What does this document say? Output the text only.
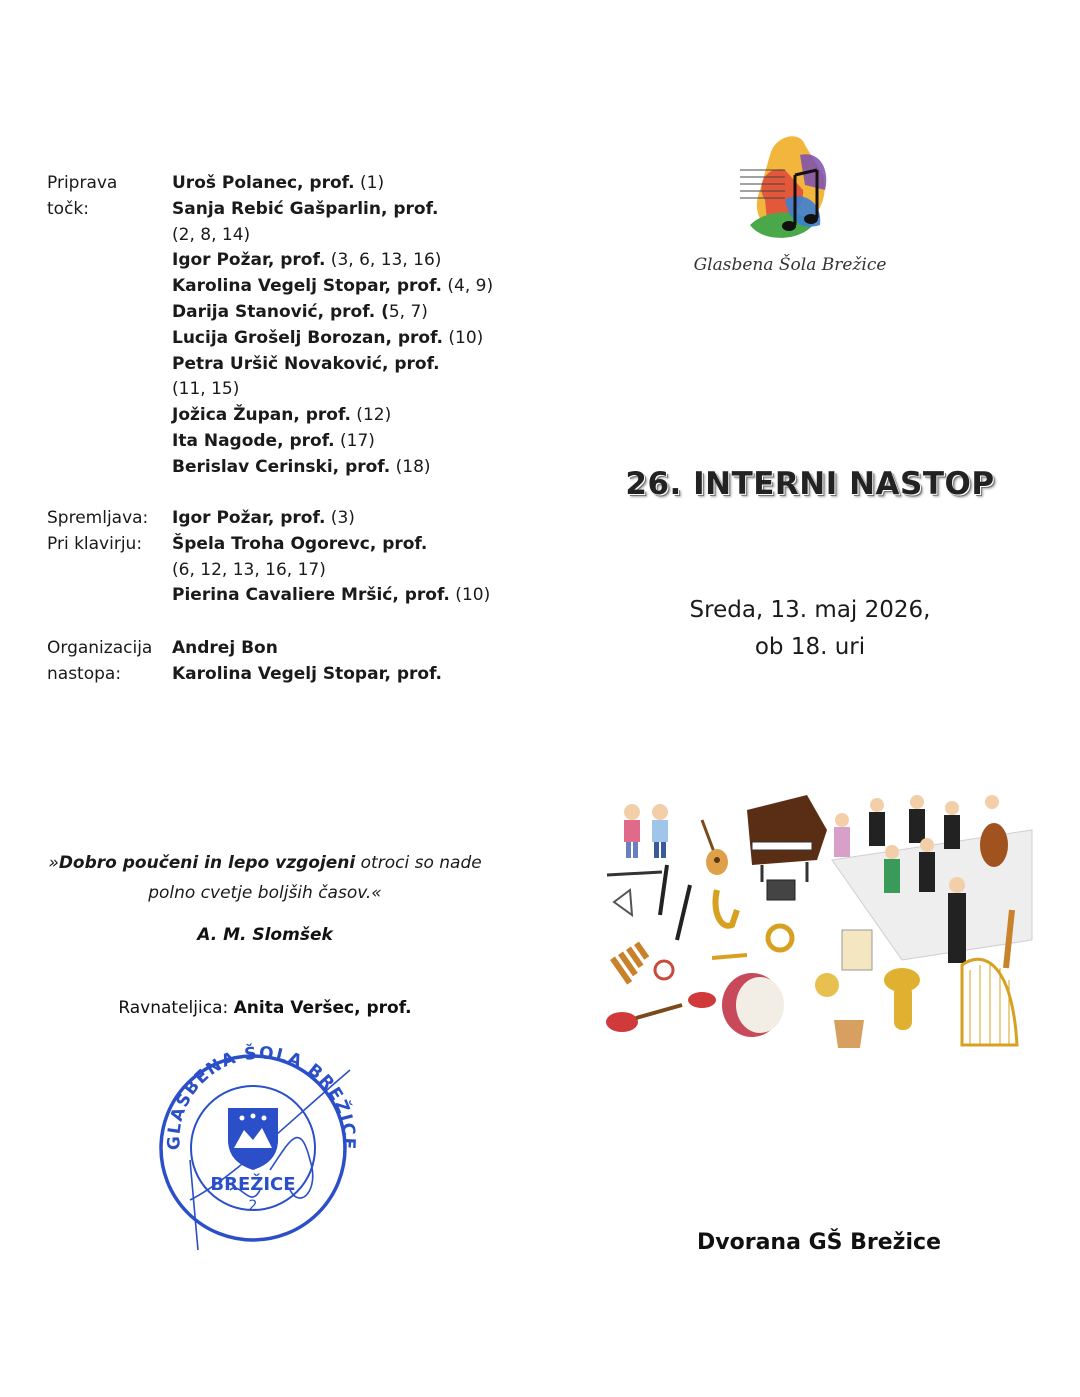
Priprava
točk:
Uroš Polanec, prof. (1)
Sanja Rebić Gašparlin, prof.
(2, 8, 14)
Igor Požar, prof. (3, 6, 13, 16)
Karolina Vegelj Stopar, prof. (4, 9)
Darija Stanović, prof. (5, 7)
Lucija Grošelj Borozan, prof. (10)
Petra Uršič Novaković, prof.
(11, 15)
Jožica Župan, prof. (12)
Ita Nagode, prof. (17)
Berislav Cerinski, prof. (18)
Spremljava:
Pri klavirju:
Igor Požar, prof. (3)
Špela Troha Ogorevc, prof.
(6, 12, 13, 16, 17)
Pierina Cavaliere Mršić, prof. (10)
Organizacija
nastopa:
Andrej Bon
Karolina Vegelj Stopar, prof.
»Dobro poučeni in lepo vzgojeni otroci so nade
polno cvetje boljših časov.«
A. M. Slomšek
Ravnateljica: Anita Veršec, prof.
GLASBENA ŠOLA BREŽICE
BREŽICE
2
Glasbena Šola Brežice
26. INTERNI NASTOP
Sreda, 13. maj 2026,
ob 18. uri
Dvorana GŠ Brežice
